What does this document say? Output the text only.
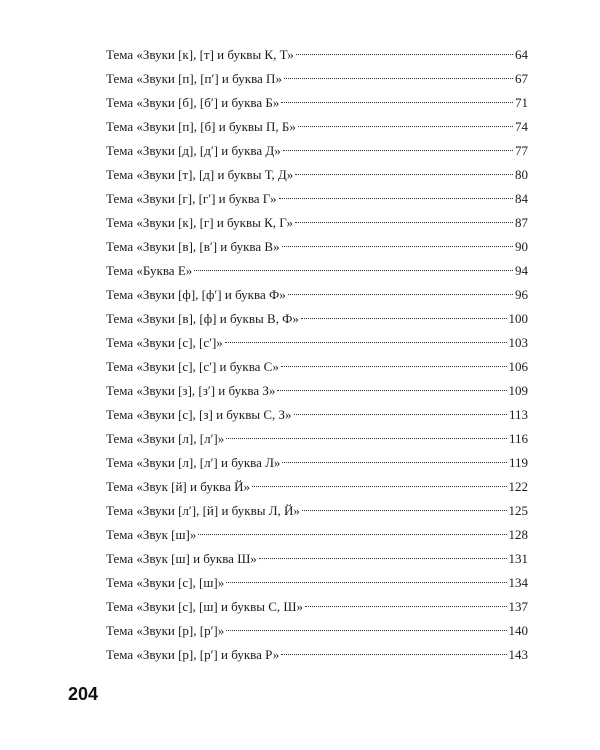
Тема «Звуки [к], [т] и буквы К, Т»	64
Тема «Звуки [п], [п′] и буква П»	67
Тема «Звуки [б], [б′] и буква Б»	71
Тема «Звуки [п], [б] и буквы П, Б»	74
Тема «Звуки [д], [д′] и буква Д»	77
Тема «Звуки [т], [д] и буквы Т, Д»	80
Тема «Звуки [г], [г′] и буква Г»	84
Тема «Звуки [к], [г] и буквы К, Г»	87
Тема «Звуки [в], [в′] и буква В»	90
Тема «Буква Е»	94
Тема «Звуки [ф], [ф′] и буква Ф»	96
Тема «Звуки [в], [ф] и буквы В, Ф»	100
Тема «Звуки [с], [с′]»	103
Тема «Звуки [с], [с′] и буква С»	106
Тема «Звуки [з], [з′] и буква З»	109
Тема «Звуки [с], [з] и буквы С, З»	113
Тема «Звуки [л], [л′]»	116
Тема «Звуки [л], [л′] и буква Л»	119
Тема «Звук [й] и буква Й»	122
Тема «Звуки [л′], [й] и буквы Л, Й»	125
Тема «Звук [ш]»	128
Тема «Звук [ш] и буква Ш»	131
Тема «Звуки [с], [ш]»	134
Тема «Звуки [с], [ш] и буквы С, Ш»	137
Тема «Звуки [р], [р′]»	140
Тема «Звуки [р], [р′] и буква Р»	143
204
